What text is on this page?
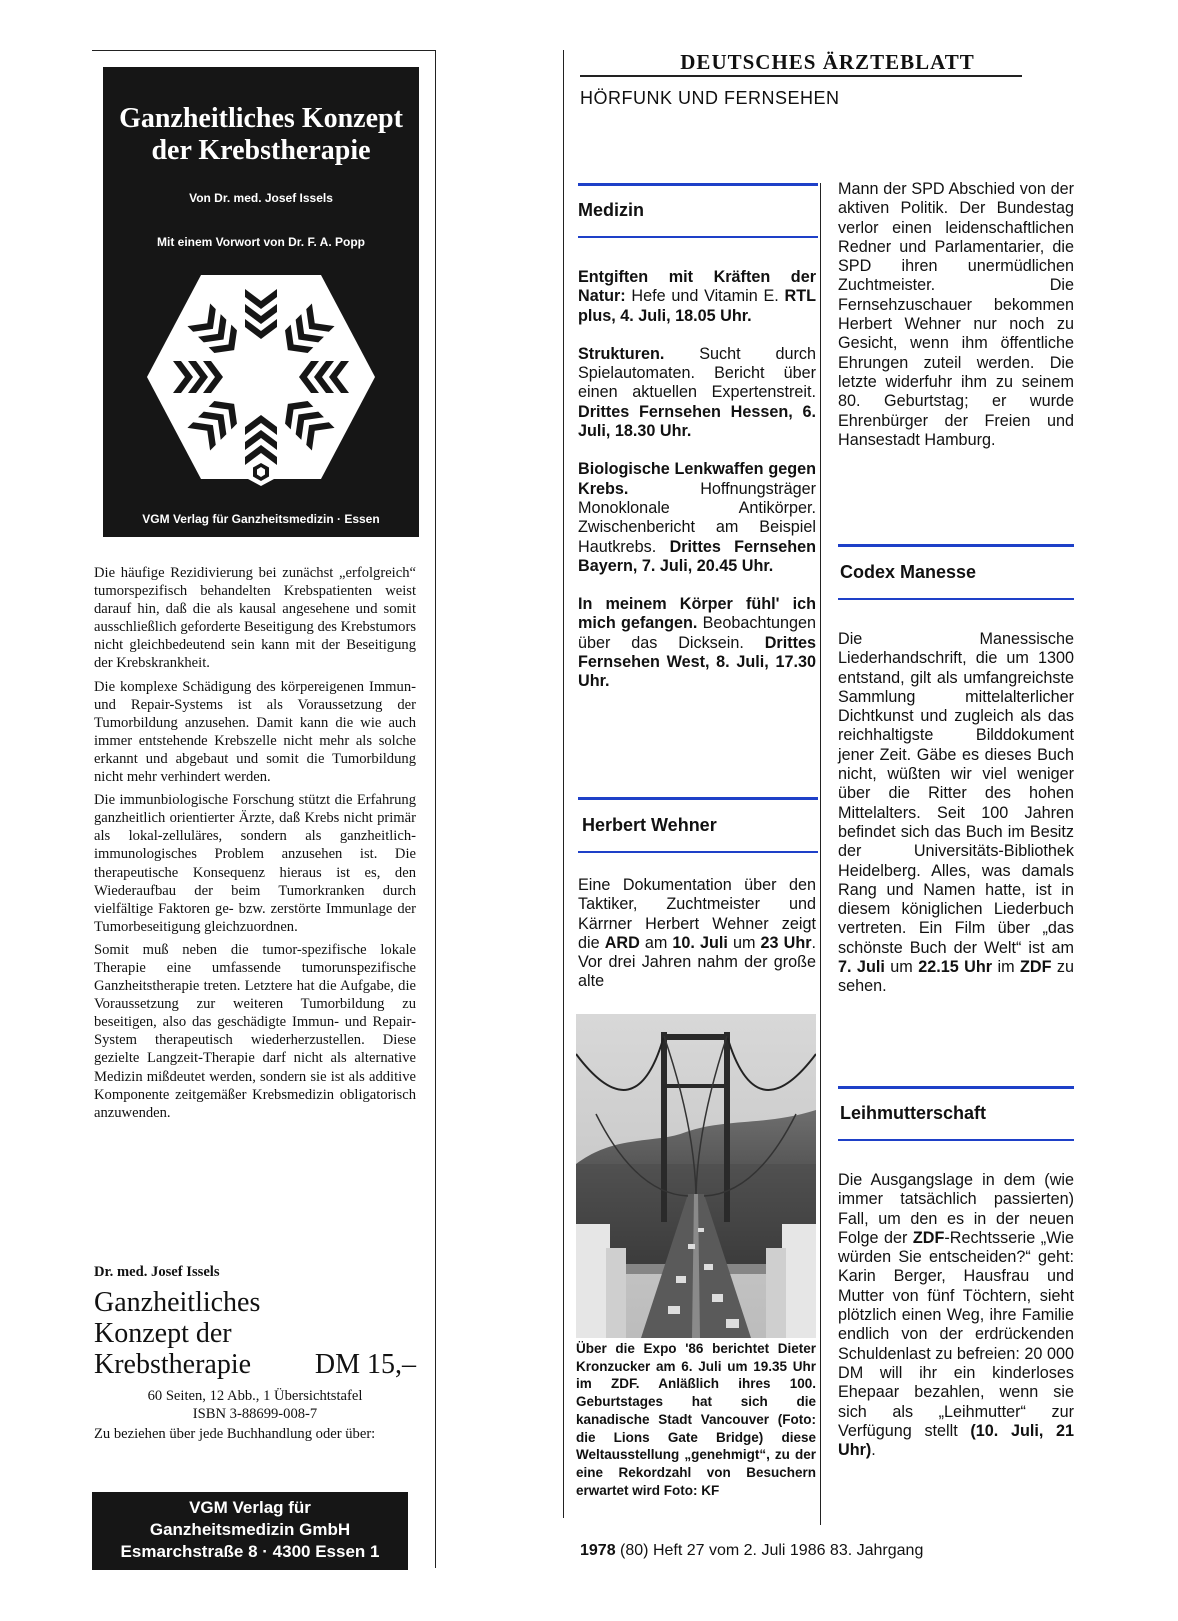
Ganzheitliches Konzept der Krebstherapie
Von Dr. med. Josef Issels
Mit einem Vorwort von Dr. F. A. Popp
VGM Verlag für Ganzheitsmedizin · Essen

Die häufige Rezidivierung bei zunächst „erfolgreich“ tumorspezifisch behandelten Krebspatienten weist darauf hin, daß die als kausal angesehene und somit ausschließlich geforderte Beseitigung des Krebstumors nicht gleichbedeutend sein kann mit der Beseitigung der Krebskrankheit.

Die komplexe Schädigung des körpereigenen Immun- und Repair-Systems ist als Voraussetzung der Tumorbildung anzusehen. Damit kann die wie auch immer entstehende Krebszelle nicht mehr als solche erkannt und abgebaut und somit die Tumorbildung nicht mehr verhindert werden.

Die immunbiologische Forschung stützt die Erfahrung ganzheitlich orientierter Ärzte, daß Krebs nicht primär als lokal-zelluläres, sondern als ganzheitlich-immunologisches Problem anzusehen ist. Die therapeutische Konsequenz hieraus ist es, den Wiederaufbau der beim Tumorkranken durch vielfältige Faktoren ge- bzw. zerstörte Immunlage der Tumorbeseitigung gleichzuordnen.

Somit muß neben die tumor-spezifische lokale Therapie eine umfassende tumorunspezifische Ganzheitstherapie treten. Letztere hat die Aufgabe, die Voraussetzung zur weiteren Tumorbildung zu beseitigen, also das geschädigte Immun- und Repair-System therapeutisch wiederherzustellen. Diese gezielte Langzeit-Therapie darf nicht als alternative Medizin mißdeutet werden, sondern sie ist als additive Komponente zeitgemäßer Krebsmedizin obligatorisch anzuwenden.

Dr. med. Josef Issels
Ganzheitliches
Konzept der
Krebstherapie	DM 15,–
60 Seiten, 12 Abb., 1 Übersichtstafel
ISBN 3-88699-008-7
Zu beziehen über jede Buchhandlung oder über:
VGM Verlag für
Ganzheitsmedizin GmbH
Esmarchstraße 8 · 4300 Essen 1
DEUTSCHES ÄRZTEBLATT
HÖRFUNK UND FERNSEHEN
Medizin

Entgiften mit Kräften der Natur: Hefe und Vitamin E. RTL plus, 4. Juli, 18.05 Uhr.

Strukturen. Sucht durch Spielautomaten. Bericht über einen aktuellen Expertenstreit. Drittes Fernsehen Hessen, 6. Juli, 18.30 Uhr.

Biologische Lenkwaffen gegen Krebs. Hoffnungsträger Monoklonale Antikörper. Zwischenbericht am Beispiel Hautkrebs. Drittes Fernsehen Bayern, 7. Juli, 20.45 Uhr.

In meinem Körper fühl' ich mich gefangen. Beobachtungen über das Dicksein. Drittes Fernsehen West, 8. Juli, 17.30 Uhr.

Herbert Wehner

Eine Dokumentation über den Taktiker, Zuchtmeister und Kärrner Herbert Wehner zeigt die ARD am 10. Juli um 23 Uhr. Vor drei Jahren nahm der große alte

Über die Expo '86 berichtet Dieter Kronzucker am 6. Juli um 19.35 Uhr im ZDF. Anläßlich ihres 100. Geburtstages hat sich die kanadische Stadt Vancouver (Foto: die Lions Gate Bridge) diese Weltausstellung „genehmigt“, zu der eine Rekordzahl von Besuchern erwartet wird Foto: KF
Mann der SPD Abschied von der aktiven Politik. Der Bundestag verlor einen leidenschaftlichen Redner und Parlamentarier, die SPD ihren unermüdlichen Zuchtmeister. Die Fernsehzuschauer bekommen Herbert Wehner nur noch zu Gesicht, wenn ihm öffentliche Ehrungen zuteil werden. Die letzte widerfuhr ihm zu seinem 80. Geburtstag; er wurde Ehrenbürger der Freien und Hansestadt Hamburg.
Codex Manesse

Die Manessische Liederhandschrift, die um 1300 entstand, gilt als umfangreichste Sammlung mittelalterlicher Dichtkunst und zugleich als das reichhaltigste Bilddokument jener Zeit. Gäbe es dieses Buch nicht, wüßten wir viel weniger über die Ritter des hohen Mittelalters. Seit 100 Jahren befindet sich das Buch im Besitz der Universitäts-Bibliothek Heidelberg. Alles, was damals Rang und Namen hatte, ist in diesem königlichen Liederbuch vertreten. Ein Film über „das schönste Buch der Welt“ ist am 7. Juli um 22.15 Uhr im ZDF zu sehen.

Leihmutterschaft

Die Ausgangslage in dem (wie immer tatsächlich passierten) Fall, um den es in der neuen Folge der ZDF-Rechtsserie „Wie würden Sie entscheiden?“ geht: Karin Berger, Hausfrau und Mutter von fünf Töchtern, sieht plötzlich einen Weg, ihre Familie endlich von der erdrückenden Schuldenlast zu befreien: 20 000 DM will ihr ein kinderloses Ehepaar bezahlen, wenn sie sich als „Leihmutter“ zur Verfügung stellt (10. Juli, 21 Uhr).

1978 (80) Heft 27 vom 2. Juli 1986 83. Jahrgang
